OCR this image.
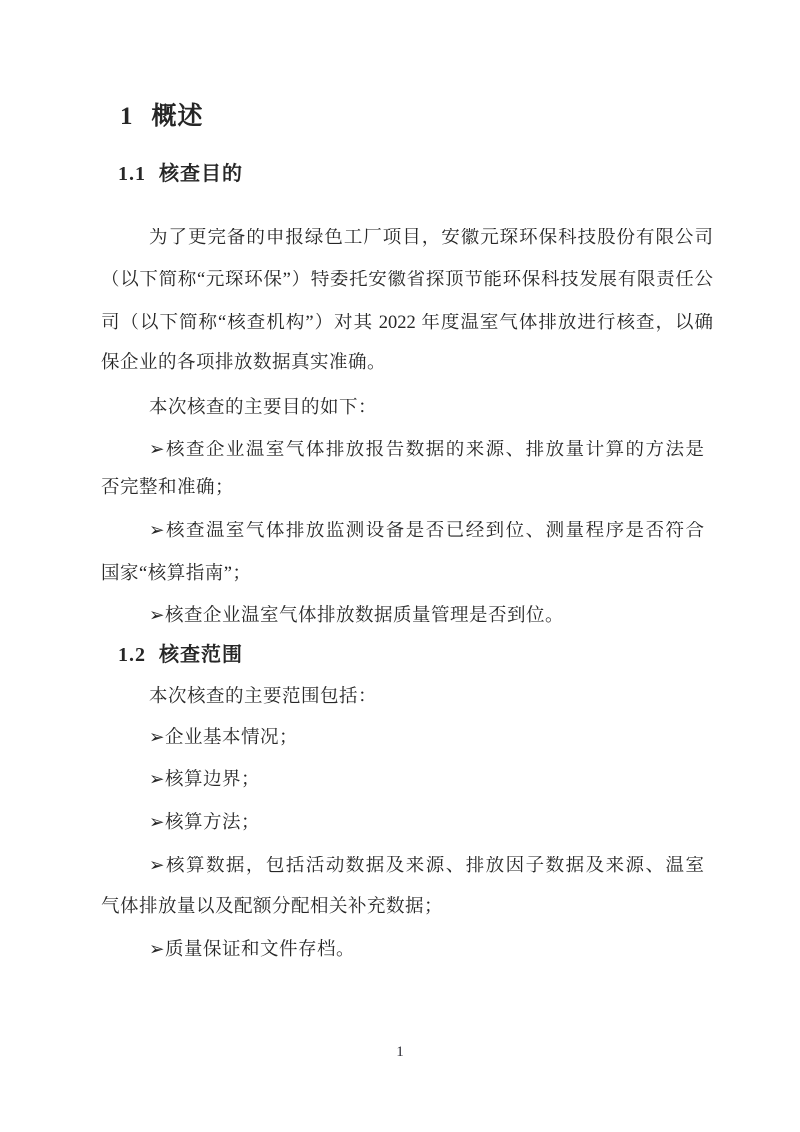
1 概述
1.1 核查目的
为了更完备的申报绿色工厂项目，安徽元琛环保科技股份有限公司
（以下简称“元琛环保”）特委托安徽省探顶节能环保科技发展有限责任公
司（以下简称“核查机构”）对其 2022 年度温室气体排放进行核查，以确
保企业的各项排放数据真实准确。
本次核查的主要目的如下：
➢核查企业温室气体排放报告数据的来源、排放量计算的方法是
否完整和准确；
➢核查温室气体排放监测设备是否已经到位、测量程序是否符合
国家“核算指南”；
➢核查企业温室气体排放数据质量管理是否到位。
1.2 核查范围
本次核查的主要范围包括：
➢企业基本情况；
➢核算边界；
➢核算方法；
➢核算数据，包括活动数据及来源、排放因子数据及来源、温室
气体排放量以及配额分配相关补充数据；
➢质量保证和文件存档。
1
